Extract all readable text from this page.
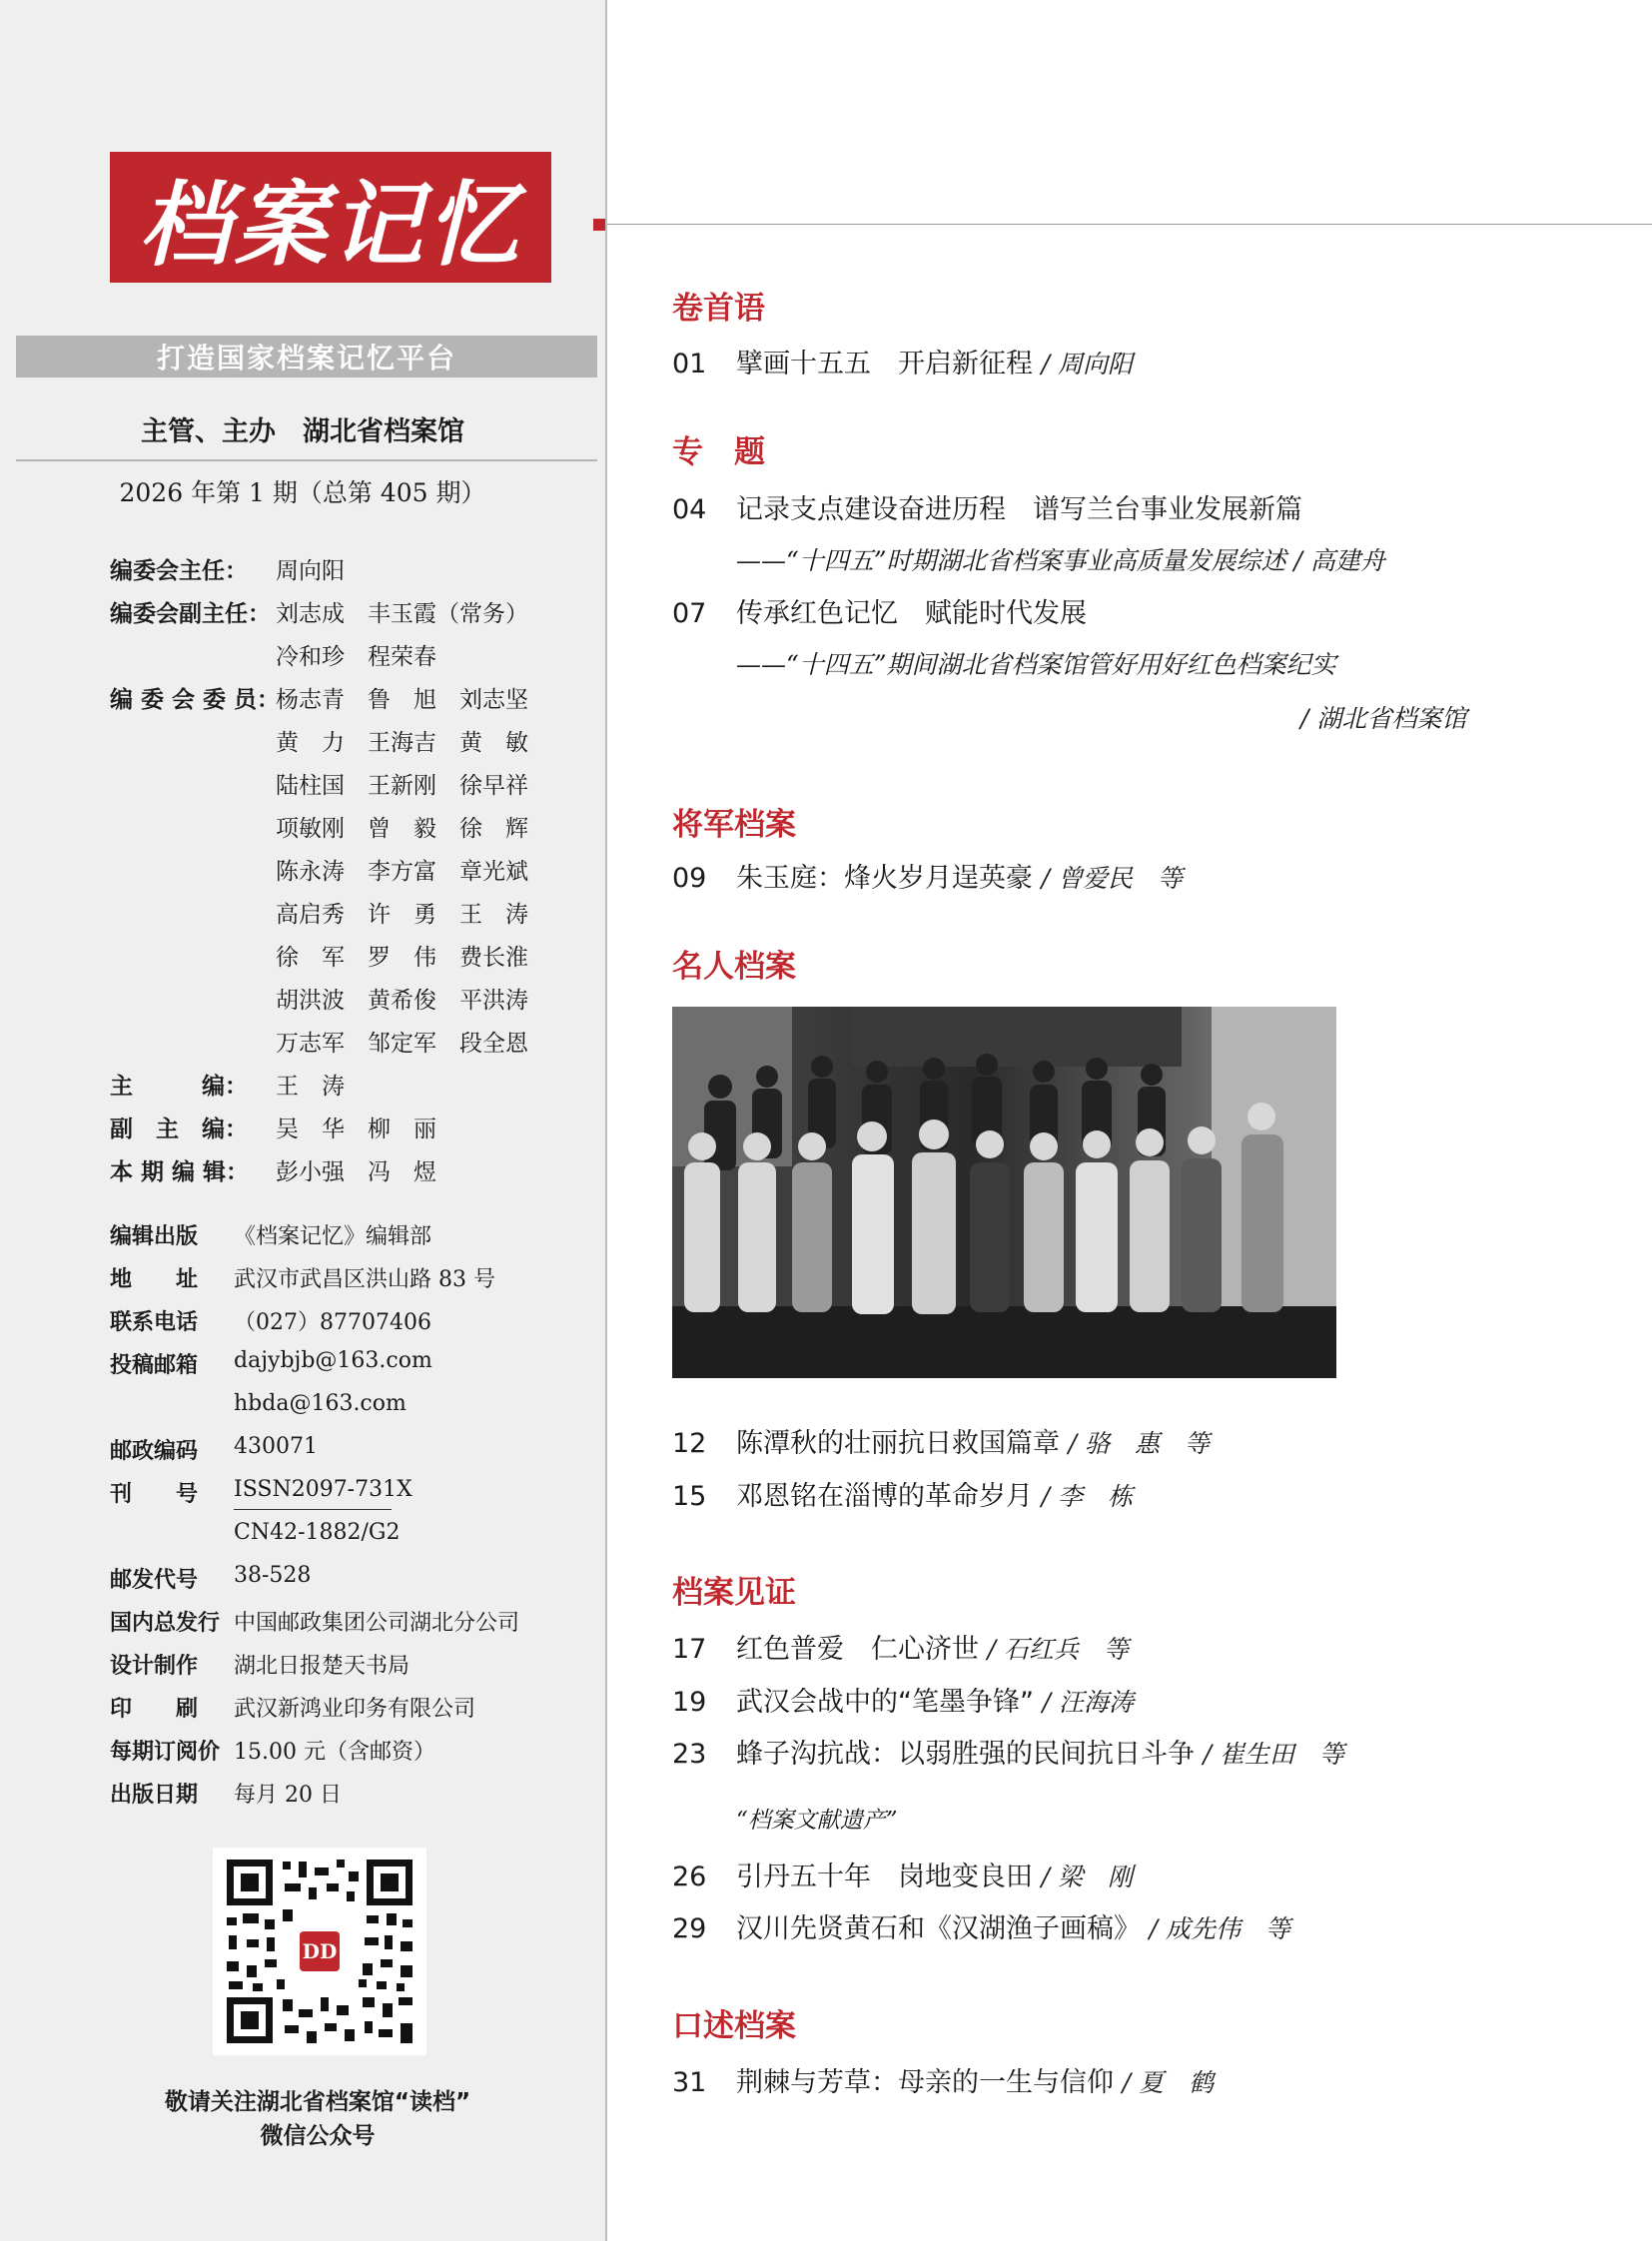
档案记忆
打造国家档案记忆平台
主管、主办　湖北省档案馆
2026 年第 1 期（总第 405 期）
编委会主任： 周向阳
编委会副主任： 刘志成　丰玉霞（常务）
冷和珍　程荣春
编 委 会 委 员：
杨志青　鲁　旭　刘志坚
黄　力　王海吉　黄　敏
陆柱国　王新刚　徐早祥
项敏刚　曾　毅　徐　辉
陈永涛　李方富　章光斌
高启秀　许　勇　王　涛
徐　军　罗　伟　费长淮
胡洪波　黄希俊　平洪涛
万志军　邹定军　段全恩
主　　　编： 王　涛
副　主　编： 吴　华　柳　丽
本 期 编 辑： 彭小强　冯　煜
编辑出版 《档案记忆》编辑部
地　　址 武汉市武昌区洪山路 83 号
联系电话 （027）87707406
投稿邮箱 dajybjb@163.com
hbda@163.com
邮政编码 430071
刊　　号 ISSN2097-731X
CN42-1882/G2
邮发代号 38-528
国内总发行 中国邮政集团公司湖北分公司
设计制作 湖北日报楚天书局
印　　刷 武汉新鸿业印务有限公司
每期订阅价 15.00 元（含邮资）
出版日期 每月 20 日
DD
敬请关注湖北省档案馆“读档”
微信公众号
卷首语
01 擘画十五五　开启新征程 / 周向阳
专　题
04 记录支点建设奋进历程　谱写兰台事业发展新篇
——“十四五”时期湖北省档案事业高质量发展综述 / 高建舟
07 传承红色记忆　赋能时代发展
——“十四五”期间湖北省档案馆管好用好红色档案纪实
/ 湖北省档案馆
将军档案
09 朱玉庭：烽火岁月逞英豪 / 曾爱民　等
名人档案
12 陈潭秋的壮丽抗日救国篇章 / 骆　惠　等
15 邓恩铭在淄博的革命岁月 / 李　栋
档案见证
17 红色普爱　仁心济世 / 石红兵　等
19 武汉会战中的“笔墨争锋” / 汪海涛
23 蜂子沟抗战：以弱胜强的民间抗日斗争 / 崔生田　等
“档案文献遗产”
26 引丹五十年　岗地变良田 / 梁　刚
29 汉川先贤黄石和《汉湖渔子画稿》 / 成先伟　等
口述档案
31 荆棘与芳草：母亲的一生与信仰 / 夏　鹤
